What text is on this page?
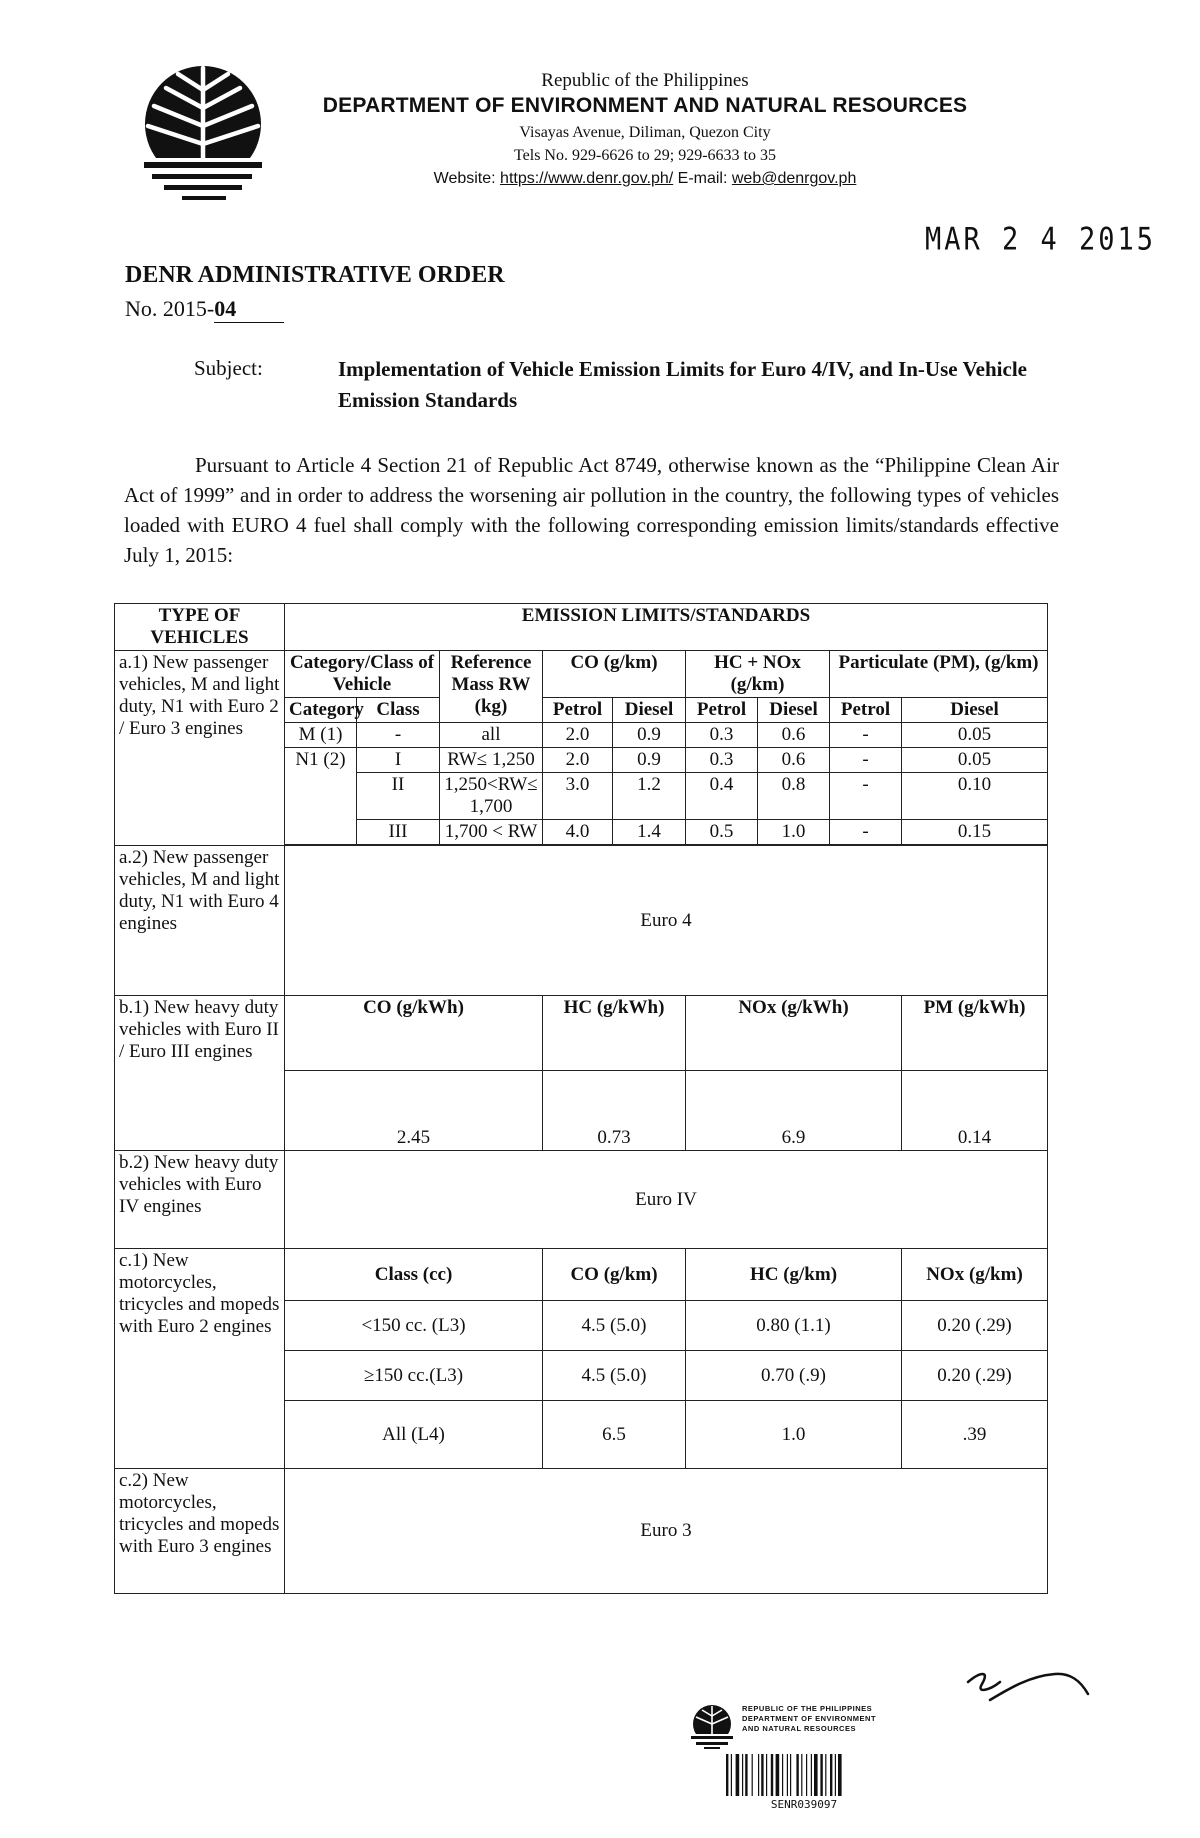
Republic of the Philippines
DEPARTMENT OF ENVIRONMENT AND NATURAL RESOURCES
Visayas Avenue, Diliman, Quezon City
Tels No. 929-6626 to 29; 929-6633 to 35
Website: https://www.denr.gov.ph/ E-mail: web@denrgov.ph
MAR 2 4 2015
DENR ADMINISTRATIVE ORDER
No. 2015-04
Subject:	Implementation of Vehicle Emission Limits for Euro 4/IV, and In-Use Vehicle Emission Standards
Pursuant to Article 4 Section 21 of Republic Act 8749, otherwise known as the “Philippine Clean Air Act of 1999” and in order to address the worsening air pollution in the country, the following types of vehicles loaded with EURO 4 fuel shall comply with the following corresponding emission limits/standards effective July 1, 2015:
TYPE OF VEHICLES	EMISSION LIMITS/STANDARDS								
a.1) New passenger vehicles, M and light duty, N1 with Euro 2 / Euro 3 engines	Category/Class of Vehicle		Reference Mass RW (kg)	CO (g/km)		HC + NOx (g/km)		Particulate (PM), (g/km)	
	Category	Class		Petrol	Diesel	Petrol	Diesel	Petrol	Diesel
	M (1)	-	all	2.0	0.9	0.3	0.6	-	0.05
	N1 (2)	I	RW≤ 1,250	2.0	0.9	0.3	0.6	-	0.05
		II	1,250<RW≤ 1,700	3.0	1.2	0.4	0.8	-	0.10
		III	1,700 < RW	4.0	1.4	0.5	1.0	-	0.15

a.2) New passenger vehicles, M and light duty, N1 with Euro 4 engines	Euro 4								
b.1) New heavy duty vehicles with Euro II / Euro III engines	CO (g/kWh)			HC (g/kWh)		NOx (g/kWh)			PM (g/kWh)
	2.45			0.73		6.9			0.14
b.2) New heavy duty vehicles with Euro IV engines	Euro IV								
c.1) New motorcycles, tricycles and mopeds with Euro 2 engines	Class (cc)			CO (g/km)		HC (g/km)			NOx (g/km)
	<150 cc. (L3)			4.5 (5.0)		0.80 (1.1)			0.20 (.29)
	≥150 cc.(L3)			4.5 (5.0)		0.70 (.9)			0.20 (.29)
	All (L4)			6.5		1.0			.39
c.2) New motorcycles, tricycles and mopeds with Euro 3 engines	Euro 3								
REPUBLIC OF THE PHILIPPINES
DEPARTMENT OF ENVIRONMENT
AND NATURAL RESOURCES
SENR039097
